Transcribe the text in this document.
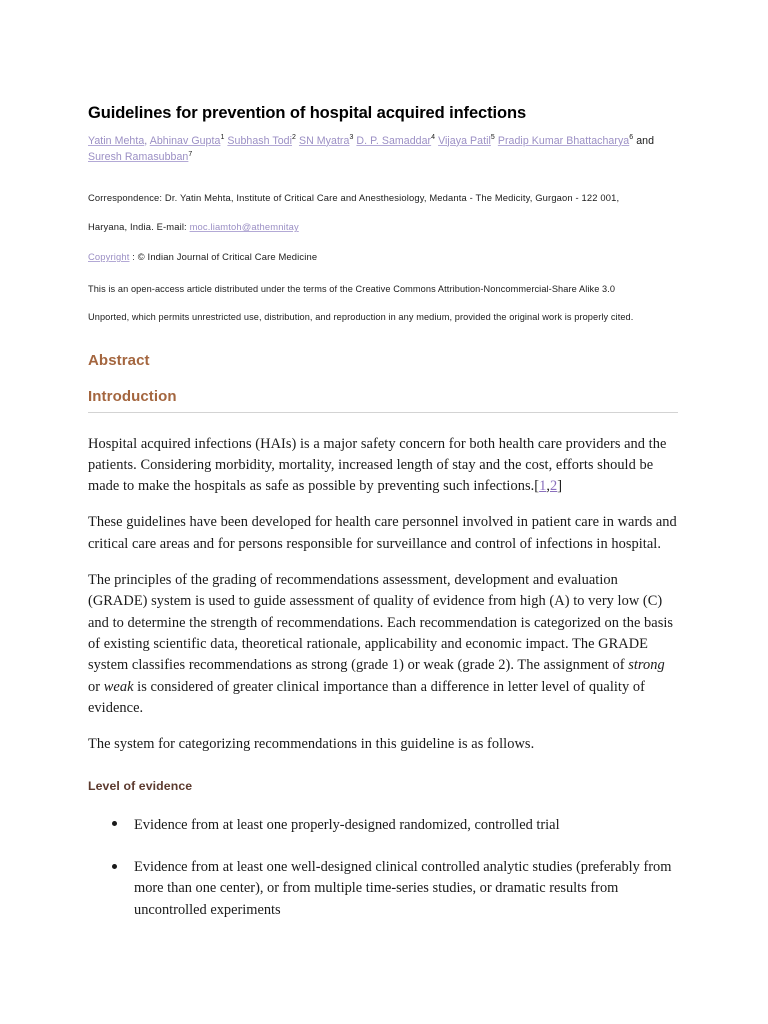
Guidelines for prevention of hospital acquired infections
Yatin Mehta, Abhinav Gupta$^1$ Subhash Todi$^2$ SN Myatra$^3$ D. P. Samaddar$^4$ Vijaya Patil$^5$ Pradip Kumar Bhattacharya$^6$ and Suresh Ramasubban$^7$

Correspondence: Dr. Yatin Mehta, Institute of Critical Care and Anesthesiology, Medanta - The Medicity, Gurgaon - 122 001,

Haryana, India. E-mail: moc.liamtoh@athemnitay

Copyright : © Indian Journal of Critical Care Medicine

This is an open-access article distributed under the terms of the Creative Commons Attribution-Noncommercial-Share Alike 3.0

Unported, which permits unrestricted use, distribution, and reproduction in any medium, provided the original work is properly cited.

Abstract
Introduction

Hospital acquired infections (HAIs) is a major safety concern for both health care providers and the patients. Considering morbidity, mortality, increased length of stay and the cost, efforts should be made to make the hospitals as safe as possible by preventing such infections.[1,2]

These guidelines have been developed for health care personnel involved in patient care in wards and critical care areas and for persons responsible for surveillance and control of infections in hospital.

The principles of the grading of recommendations assessment, development and evaluation (GRADE) system is used to guide assessment of quality of evidence from high (A) to very low (C) and to determine the strength of recommendations. Each recommendation is categorized on the basis of existing scientific data, theoretical rationale, applicability and economic impact. The GRADE system classifies recommendations as strong (grade 1) or weak (grade 2). The assignment of strong or weak is considered of greater clinical importance than a difference in letter level of quality of evidence.

The system for categorizing recommendations in this guideline is as follows.

Level of evidence
Evidence from at least one properly-designed randomized, controlled trial
Evidence from at least one well-designed clinical controlled analytic studies (preferably from more than one center), or from multiple time-series studies, or dramatic results from uncontrolled experiments
